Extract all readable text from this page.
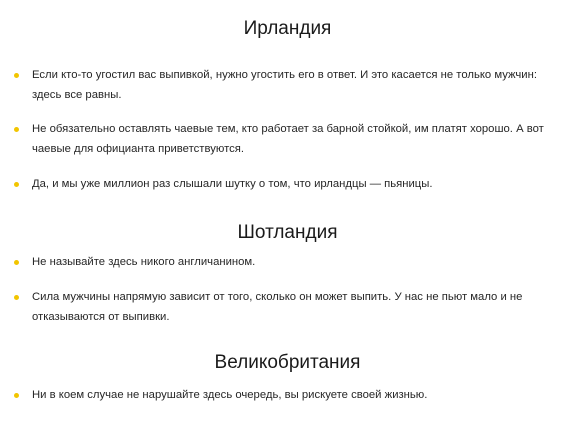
Ирландия
Если кто-то угостил вас выпивкой, нужно угостить его в ответ. И это касается не только мужчин: здесь все равны.
Не обязательно оставлять чаевые тем, кто работает за барной стойкой, им платят хорошо. А вот чаевые для официанта приветствуются.
Да, и мы уже миллион раз слышали шутку о том, что ирландцы — пьяницы.
Шотландия
Не называйте здесь никого англичанином.
Сила мужчины напрямую зависит от того, сколько он может выпить. У нас не пьют мало и не отказываются от выпивки.
Великобритания
Ни в коем случае не нарушайте здесь очередь, вы рискуете своей жизнью.
